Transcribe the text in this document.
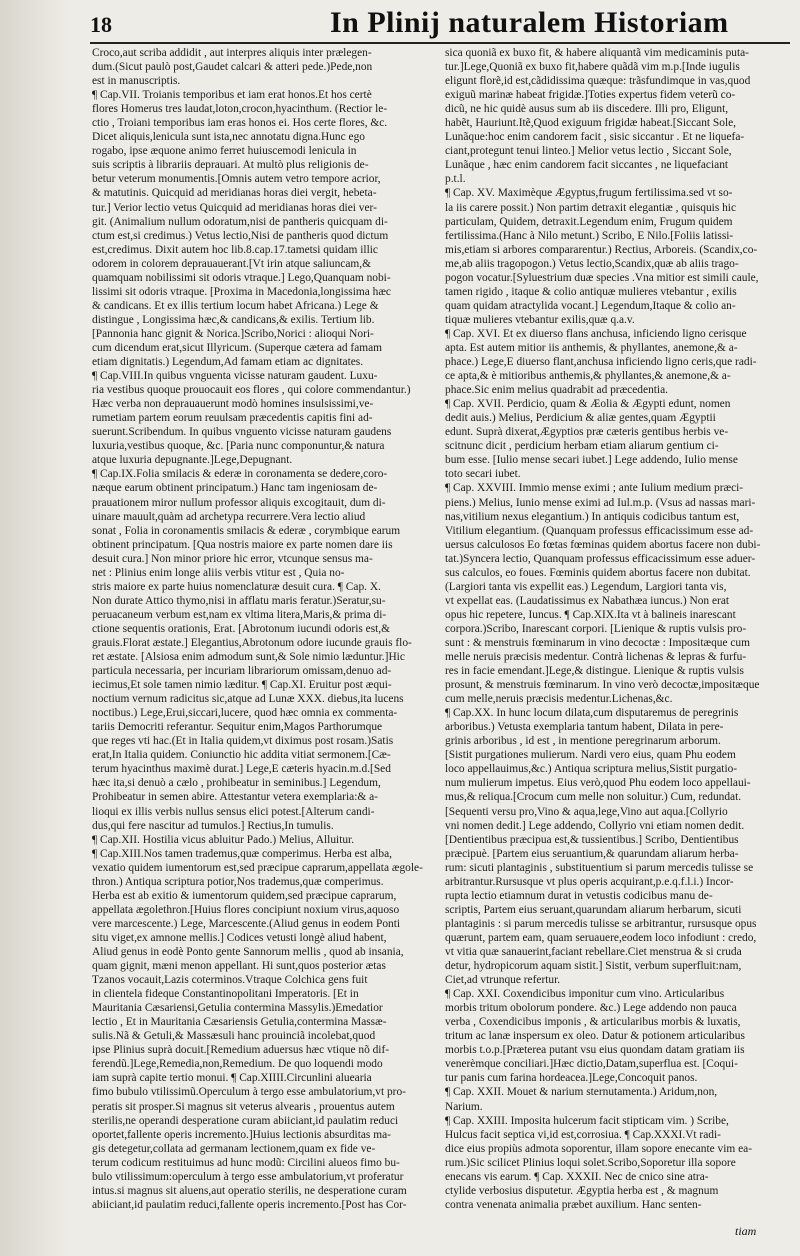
18	In Plinij naturalem Historiam
Croco,aut scriba addidit , aut interpres aliquis inter prælegen-
dum.(Sicut paulò post,Gaudet calcari & atteri pede.)Pede,non
est in manuscriptis.
¶ Cap.VII. Troianis temporibus et iam erat honos.Et hos certè
flores Homerus tres laudat,loton,crocon,hyacinthum. (Rectior le-
ctio , Troiani temporibus iam eras honos ei. Hos certe flores, &c.
Dicet aliquis,lenicula sunt ista,nec annotatu digna.Hunc ego
rogabo, ipse æquone animo ferret huiuscemodi lenicula in
suis scriptis à librariis deprauari. At multò plus religionis de-
betur veterum monumentis.[Omnis autem vetro tempore acrior,
& matutinis. Quicquid ad meridianas horas diei vergit, hebeta-
tur.] Verior lectio vetus Quicquid ad meridianas horas diei ver-
git. (Animalium nullum odoratum,nisi de pantheris quicquam di-
ctum est,si credimus.) Vetus lectio,Nisi de pantheris quod dictum
est,credimus. Dixit autem hoc lib.8.cap.17.tametsi quidam illic
odorem in colorem deprauauerant.[Vt irin atque saliuncam,&
quamquam nobilissimi sit odoris vtraque.] Lego,Quanquam nobi-
lissimi sit odoris vtraque. [Proxima in Macedonia,longissima hæc
& candicans. Et ex illis tertium locum habet Africana.) Lege &
distingue , Longissima hæc,& candicans,& exilis. Tertium lib.
[Pannonia hanc gignit & Norica.]Scribo,Norici : alioqui Nori-
cum dicendum erat,sicut Illyricum. (Superque cætera ad famam
etiam dignitatis.) Legendum,Ad famam etiam ac dignitates.
¶ Cap.VIII.In quibus vnguenta vicisse naturam gaudent. Luxu-
ria vestibus quoque prouocauit eos flores , qui colore commendantur.)
Hæc verba non deprauauerunt modò homines insulsissimi,ve-
rumetiam partem eorum reuulsam præcedentis capitis fini ad-
suerunt.Scribendum. In quibus vnguento vicisse naturam gaudens
luxuria,vestibus quoque, &c. [Paria nunc componuntur,& natura
atque luxuria depugnante.]Lege,Depugnant.
¶ Cap.IX.Folia smilacis & ederæ in coronamenta se dedere,coro-
næque earum obtinent principatum.) Hanc tam ingeniosam de-
prauationem miror nullum professor aliquis excogitauit, dum di-
uinare mauult,quàm ad archetypa recurrere.Vera lectio aliud
sonat , Folia in coronamentis smilacis & ederæ , corymbique earum
obtinent principatum. [Qua nostris maiore ex parte nomen dare iis
desuit cura.] Non minor priore hic error, vtcunque sensus ma-
net : Plinius enim longe aliis verbis vtitur est , Quia no-
stris maiore ex parte huius nomenclaturæ desuit cura. ¶ Cap. X.
Non durate Attico thymo,nisi in afflatu maris feratur.)Seratur,su-
peruacaneum verbum est,nam ex vltima litera,Maris,& prima di-
ctione sequentis orationis, Erat. [Abrotonum iucundi odoris est,&
grauis.Florat æstate.] Elegantius,Abrotonum odore iucunde grauis flo-
ret æstate. [Alsiosa enim admodum sunt,& Sole nimio læduntur.]Hic
particula necessaria, per incuriam librariorum omissam,denuo ad-
iecimus,Et sole tamen nimio læditur. ¶ Cap.XI. Eruitur post æqui-
noctium vernum radicitus sic,atque ad Lunæ XXX. diebus,ita lucens
noctibus.) Lege,Erui,siccari,lucere, quod hæc omnia ex commenta-
tariis Democriti referantur. Sequitur enim,Magos Parthorumque
que reges vti hac.(Et in Italia quidem,vt diximus post rosam.)Satis
erat,In Italia quidem. Coniunctio hic addita vitiat sermonem.[Cæ-
terum hyacinthus maximè durat.] Lege,E cæteris hyacin.m.d.[Sed
hæc ita,si denuò a cælo , prohibeatur in seminibus.] Legendum,
Prohibeatur in semen abire. Attestantur vetera exemplaria:& a-
lioqui ex illis verbis nullus sensus elici potest.[Alterum candi-
dus,qui fere nascitur ad tumulos.] Rectius,In tumulis.
¶ Cap.XII. Hostilia vicus abluitur Pado.) Melius, Alluitur.
¶ Cap.XIII.Nos tamen trademus,quæ comperimus. Herba est alba,
vexatio quidem iumentorum est,sed præcipue caprarum,appellata ægole-
thron.) Antiqua scriptura potior,Nos trademus,quæ comperimus.
Herba est ab exitio & iumentorum quidem,sed præcipue caprarum,
appellata ægolethron.[Huius flores concipiunt noxium virus,aquoso
vere marcescente.) Lege, Marcescente.(Aliud genus in eodem Ponti
situ viget,ex amnone mellis.] Codices vetusti longè aliud habent,
Aliud genus in eodè Ponto gente Sannorum mellis , quod ab insania,
quam gignit, mæni menon appellant. Hi sunt,quos posterior ætas
Tzanos vocauit,Lazis coterminos.Vtraque Colchica gens fuit
in clientela fideque Constantinopolitani Imperatoris. [Et in
Mauritania Cæsariensi,Getulia contermina Massylis.)Emedatior
lectio , Et in Mauritania Cæsariensis Getulia,contermina Massæ-
sulis.Nã & Getuli,& Massæsuli hanc prouinciã incolebat,quod
ipse Plinius suprà docuit.[Remedium aduersus hæc vtique nõ dif-
ferendũ.]Lege,Remedia,non,Remedium. De quo loquendi modo
iam suprà capite tertio monui. ¶ Cap.XIIII.Circunlini aluearia
fimo bubulo vtilissimũ.Operculum à tergo esse ambulatorium,vt pro-
peratis sit prosper.Si magnus sit veterus alvearis , prouentus autem
sterilis,ne operandi desperatione curam abiiciant,id paulatim reduci
oportet,fallente operis incremento.]Huius lectionis absurditas ma-
gis detegetur,collata ad germanam lectionem,quam ex fide ve-
terum codicum restituimus ad hunc modũ: Circilini alueos fimo bu-
bulo vtilissimum:operculum à tergo esse ambulatorium,vt proferatur
intus.si magnus sit aluens,aut operatio sterilis, ne desperatione curam
abiiciant,id paulatim reduci,fallente operis incremento.[Post has Cor-
sica quoniã ex buxo fit, & habere aliquantã vim medicaminis puta-
tur.]Lege,Quoniã ex buxo fit,habere quãdã vim m.p.[Inde iugulis
eligunt florẽ,id est,cãdidissima quæque: trãsfundimque in vas,quod
exiguũ marinæ habeat frigidæ.]Toties expertus fidem veterũ co-
dicũ, ne hic quidè ausus sum ab iis discedere. Illi pro, Eligunt,
habẽt, Hauriunt.Itẽ,Quod exiguum frigidæ habeat.[Siccant Sole,
Lunãque:hoc enim candorem facit , sisic siccantur . Et ne liquefa-
ciant,protegunt tenui linteo.] Melior vetus lectio , Siccant Sole,
Lunãque , hæc enim candorem facit siccantes , ne liquefaciant
p.t.l.
¶ Cap. XV. Maximèque Ægyptus,frugum fertilissima.sed vt so-
la iis carere possit.) Non partim detraxit elegantiæ , quisquis hic
particulam, Quidem, detraxit.Legendum enim, Frugum quidem
fertilissima.(Hanc à Nilo metunt.) Scribo, E Nilo.[Foliis latissi-
mis,etiam si arbores compararentur.) Rectius, Arboreis. (Scandix,co-
me,ab aliis tragopogon.) Vetus lectio,Scandix,quæ ab aliis trago-
pogon vocatur.[Syluestrium duæ species .Vna mitior est simili caule,
tamen rigido , itaque & colio antiquæ mulieres vtebantur , exilis
quam quidam atractylida vocant.] Legendum,Itaque & colio an-
tiquæ mulieres vtebantur exilis,quæ q.a.v.
¶ Cap. XVI. Et ex diuerso flans anchusa, inficiendo ligno cerisque
apta. Est autem mitior iis anthemis, & phyllantes, anemone,& a-
phace.) Lege,E diuerso flant,anchusa inficiendo ligno ceris,que radi-
ce apta,& è mitioribus anthemis,& phyllantes,& anemone,& a-
phace.Sic enim melius quadrabit ad præcedentia.
¶ Cap. XVII. Perdicio, quam & Æolia & Ægypti edunt, nomen
dedit auis.) Melius, Perdicium & aliæ gentes,quam Ægyptii
edunt. Suprà dixerat,Ægyptios præ cæteris gentibus herbis ve-
scitnunc dicit , perdicium herbam etiam aliarum gentium ci-
bum esse. [Iulio mense secari iubet.] Lege addendo, Iulio mense
toto secari iubet.
¶ Cap. XXVIII. Immio mense eximi ; ante Iulium medium præci-
piens.) Melius, Iunio mense eximi ad Iul.m.p. (Vsus ad nassas mari-
nas,vitilium nexus elegantium.) In antiquis codicibus tantum est,
Vitilium elegantium. (Quanquam professus efficacissimum esse ad-
uersus calculosos Eo fœtas fœminas quidem abortus facere non dubi-
tat.)Syncera lectio, Quanquam professus efficacissimum esse aduer-
sus calculos, eo foues. Fœminis quidem abortus facere non dubitat.
(Largiori tanta vis expellit eas.) Legendum, Largiori tanta vis,
vt expellat eas. (Laudatissimus ex Nabathæa iuncus.) Non erat
opus hic repetere, Iuncus. ¶ Cap.XIX.Ita vt à balineis inarescant
corpora.)Scribo, Inarescant corpori. [Lienique & ruptis vulsis pro-
sunt : & menstruis fœminarum in vino decoctæ : Impositæque cum
melle neruis præcisis medentur. Contrà lichenas & lepras & furfu-
res in facie emendant.]Lege,& distingue. Lienique & ruptis vulsis
prosunt, & menstruis fœminarum. In vino verò decoctæ,impositæque
cum melle,neruis præcisis medentur.Lichenas,&c.
¶ Cap.XX. In hunc locum dilata,cum disputaremus de peregrinis
arboribus.) Vetusta exemplaria tantum habent, Dilata in pere-
grinis arboribus , id est , in mentione peregrinarum arborum.
[Sistit purgationes mulierum. Nardi vero eius, quam Phu eodem
loco appellauimus,&c.) Antiqua scriptura melius,Sistit purgatio-
num mulierum impetus. Eius verò,quod Phu eodem loco appellaui-
mus,& reliqua.[Crocum cum melle non soluitur.) Cum, redundat.
[Sequenti versu pro,Vino & aqua,lege,Vino aut aqua.[Collyrio
vni nomen dedit.] Lege addendo, Collyrio vni etiam nomen dedit.
[Dentientibus præcipua est,& tussientibus.] Scribo, Dentientibus
præcipuè. [Partem eius seruantium,& quarundam aliarum herba-
rum: sicuti plantaginis , substituentium si parum mercedis tulisse se
arbitrantur.Rursusque vt plus operis acquirant,p.e.q.f.l.i.) Incor-
rupta lectio etiamnum durat in vetustis codicibus manu de-
scriptis, Partem eius seruant,quarundam aliarum herbarum, sicuti
plantaginis : si parum mercedis tulisse se arbitrantur, rursusque opus
quærunt, partem eam, quam seruauere,eodem loco infodiunt : credo,
vt vitia quæ sanauerint,faciant rebellare.Ciet menstrua & si cruda
detur, hydropicorum aquam sistit.] Sistit, verbum superfluit:nam,
Ciet,ad vtrunque refertur.
¶ Cap. XXI. Coxendicibus imponitur cum vino. Articularibus
morbis tritum obolorum pondere. &c.) Lege addendo non pauca
verba , Coxendicibus imponis , & articularibus morbis & luxatis,
tritum ac lanæ inspersum ex oleo. Datur & potionem articularibus
morbis t.o.p.[Præterea putant vsu eius quondam datam gratiam iis
venerèmque conciliari.]Hæc dictio,Datam,superflua est. [Coqui-
tur panis cum farina hordeacea.]Lege,Concoquit panos.
¶ Cap. XXII. Mouet & narium sternutamenta.) Aridum,non,
Narium.
¶ Cap. XXIII. Imposita hulcerum facit stipticam vim. ) Scribe,
Hulcus facit septica vi,id est,corrosiua. ¶ Cap.XXXI.Vt radi-
dice eius propiùs admota soporentur, illam sopore enecante vim ea-
rum.)Sic scilicet Plinius loqui solet.Scribo,Soporetur illa sopore
enecans vis earum. ¶ Cap. XXXII. Nec de cnico sine atra-
ctylide verbosius disputetur. Ægyptia herba est , & magnum
contra venenata animalia præbet auxilium. Hanc senten-
tiam
